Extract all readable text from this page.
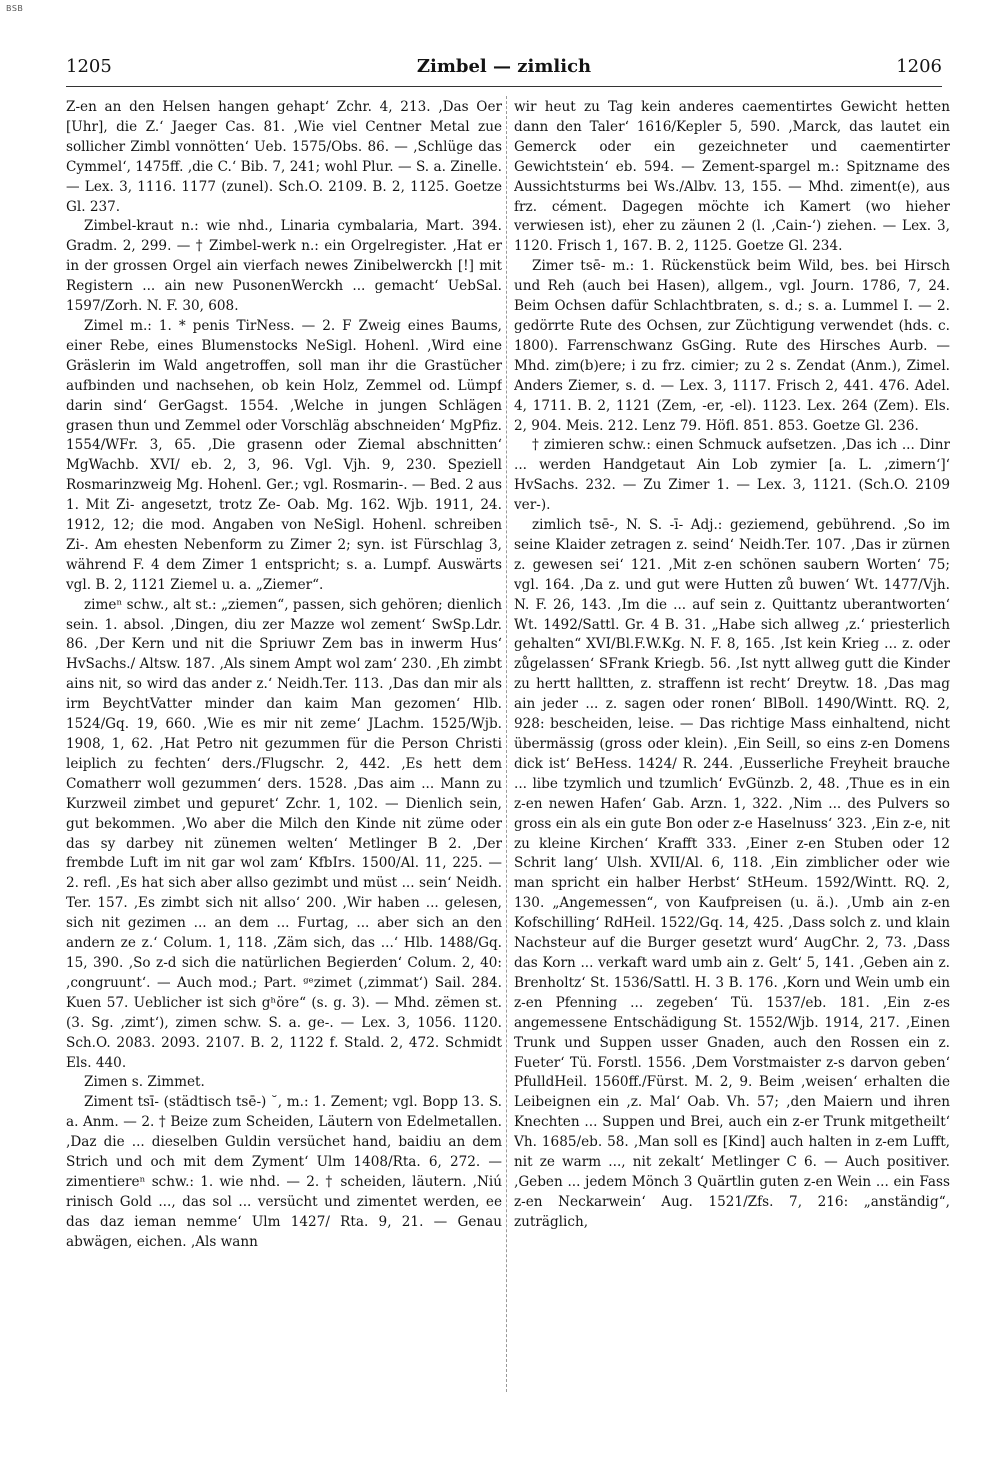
BSB
1205	Zimbel — zimlich	1206

Z-en an den Helsen hangen gehapt‘ Zchr. 4, 213. ‚Das Oer [Uhr], die Z.‘ Jaeger Cas. 81. ‚Wie viel Centner Metal zue sollicher Zimbl vonnötten‘ Ueb. 1575/Obs. 86. — ‚Schlüge das Cymmel‘, 1475ff. ‚die C.‘ Bib. 7, 241; wohl Plur. — S. a. Zinelle. — Lex. 3, 1116. 1177 (zunel). Sch.O. 2109. B. 2, 1125. Goetze Gl. 237.

Zimbel-kraut n.: wie nhd., Linaria cymbalaria, Mart. 394. Gradm. 2, 299. — † Zimbel-werk n.: ein Orgelregister. ‚Hat er in der grossen Orgel ain vierfach newes Zinibelwerckh [!] mit Registern ... ain new PusonenWerckh ... gemacht‘ UebSal. 1597/Zorh. N. F. 30, 608.

Zimel m.: 1. * penis TirNess. — 2. F Zweig eines Baums, einer Rebe, eines Blumenstocks NeSigl. Hohenl. ‚Wird eine Gräslerin im Wald angetroffen, soll man ihr die Grastücher aufbinden und nachsehen, ob kein Holz, Zemmel od. Lümpf darin sind‘ GerGagst. 1554. ‚Welche in jungen Schlägen grasen thun und Zemmel oder Vorschläg abschneiden‘ MgPfiz. 1554/WFr. 3, 65. ‚Die grasenn oder Ziemal abschnitten‘ MgWachb. XVI/ eb. 2, 3, 96. Vgl. Vjh. 9, 230. Speziell Rosmarinzweig Mg. Hohenl. Ger.; vgl. Rosmarin-. — Bed. 2 aus 1. Mit Zi- angesetzt, trotz Ze- Oab. Mg. 162. Wjb. 1911, 24. 1912, 12; die mod. Angaben von NeSigl. Hohenl. schreiben Zi-. Am ehesten Nebenform zu Zimer 2; syn. ist Fürschlag 3, während F. 4 dem Zimer 1 entspricht; s. a. Lumpf. Auswärts vgl. B. 2, 1121 Ziemel u. a. „Ziemer“.

zimeⁿ schw., alt st.: „ziemen“, passen, sich gehören; dienlich sein. 1. absol. ‚Dingen, diu zer Mazze wol zement‘ SwSp.Ldr. 86. ‚Der Kern und nit die Spriuwr Zem bas in inwerm Hus‘ HvSachs./ Altsw. 187. ‚Als sinem Ampt wol zam‘ 230. ‚Eh zimbt ains nit, so wird das ander z.‘ Neidh.Ter. 113. ‚Das dan mir als irm BeychtVatter minder dan kaim Man gezomen‘ Hlb. 1524/Gq. 19, 660. ‚Wie es mir nit zeme‘ JLachm. 1525/Wjb. 1908, 1, 62. ‚Hat Petro nit gezummen für die Person Christi leiplich zu fechten‘ ders./Flugschr. 2, 442. ‚Es hett dem Comatherr woll gezummen‘ ders. 1528. ‚Das aim ... Mann zu Kurzweil zimbet und gepuret‘ Zchr. 1, 102. — Dienlich sein, gut bekommen. ‚Wo aber die Milch den Kinde nit züme oder das sy darbey nit zünemen welten‘ Metlinger B 2. ‚Der frembde Luft im nit gar wol zam‘ KfbIrs. 1500/Al. 11, 225. — 2. refl. ‚Es hat sich aber allso gezimbt und müst ... sein‘ Neidh. Ter. 157. ‚Es zimbt sich nit allso‘ 200. ‚Wir haben ... gelesen, sich nit gezimen ... an dem ... Furtag, ... aber sich an den andern ze z.‘ Colum. 1, 118. ‚Zäm sich, das ...‘ Hlb. 1488/Gq. 15, 390. ‚So z-d sich die natürlichen Begierden‘ Colum. 2, 40: ‚congruunt‘. — Auch mod.; Part. ᵍᵉzimet (‚zimmat‘) Sail. 284. Kuen 57. Ueblicher ist sich gʰöre“ (s. g. 3). — Mhd. zëmen st. (3. Sg. ‚zimt‘), zimen schw. S. a. ge-. — Lex. 3, 1056. 1120. Sch.O. 2083. 2093. 2107. B. 2, 1122 f. Stald. 2, 472. Schmidt Els. 440.

Zimen s. Zimmet.

Ziment tsī- (städtisch tsē-) ˘, m.: 1. Zement; vgl. Bopp 13. S. a. Anm. — 2. † Beize zum Scheiden, Läutern von Edelmetallen. ‚Daz die ... dieselben Guldin versüchet hand, baidiu an dem Strich und och mit dem Zyment‘ Ulm 1408/Rta. 6, 272. — zimentiereⁿ schw.: 1. wie nhd. — 2. † scheiden, läutern. ‚Niú rinisch Gold ..., das sol ... versücht und zimentet werden, ee das daz ieman nemme‘ Ulm 1427/ Rta. 9, 21. — Genau abwägen, eichen. ‚Als wann

wir heut zu Tag kein anderes caementirtes Gewicht hetten dann den Taler‘ 1616/Kepler 5, 590. ‚Marck, das lautet ein Gemerck oder ein gezeichneter und caementirter Gewichtstein‘ eb. 594. — Zement-spargel m.: Spitzname des Aussichtsturms bei Ws./Albv. 13, 155. — Mhd. ziment(e), aus frz. cément. Dagegen möchte ich Kamert (wo hieher verwiesen ist), eher zu zäunen 2 (l. ‚Cain-‘) ziehen. — Lex. 3, 1120. Frisch 1, 167. B. 2, 1125. Goetze Gl. 234.

Zimer tsē- m.: 1. Rückenstück beim Wild, bes. bei Hirsch und Reh (auch bei Hasen), allgem., vgl. Journ. 1786, 7, 24. Beim Ochsen dafür Schlachtbraten, s. d.; s. a. Lummel I. — 2. gedörrte Rute des Ochsen, zur Züchtigung verwendet (hds. c. 1800). Farrenschwanz GsGing. Rute des Hirsches Aurb. — Mhd. zim(b)ere; i zu frz. cimier; zu 2 s. Zendat (Anm.), Zimel. Anders Ziemer, s. d. — Lex. 3, 1117. Frisch 2, 441. 476. Adel. 4, 1711. B. 2, 1121 (Zem, -er, -el). 1123. Lex. 264 (Zem). Els. 2, 904. Meis. 212. Lenz 79. Höfl. 851. 853. Goetze Gl. 236.

† zimieren schw.: einen Schmuck aufsetzen. ‚Das ich ... Dinr ... werden Handgetaut Ain Lob zymier [a. L. ‚zimern‘]‘ HvSachs. 232. — Zu Zimer 1. — Lex. 3, 1121. (Sch.O. 2109 ver-).

zimlich tsē-, N. S. -ī- Adj.: geziemend, gebührend. ‚So im seine Klaider zetragen z. seind‘ Neidh.Ter. 107. ‚Das ir zürnen z. gewesen sei‘ 121. ‚Mit z-en schönen saubern Worten‘ 75; vgl. 164. ‚Da z. und gut were Hutten zů buwen‘ Wt. 1477/Vjh. N. F. 26, 143. ‚Im die ... auf sein z. Quittantz uberantworten‘ Wt. 1492/Sattl. Gr. 4 B. 31. „Habe sich allweg ‚z.‘ priesterlich gehalten“ XVI/Bl.F.W.Kg. N. F. 8, 165. ‚Ist kein Krieg ... z. oder zůgelassen‘ SFrank Kriegb. 56. ‚Ist nytt allweg gutt die Kinder zu hertt halltten, z. straffenn ist recht‘ Dreytw. 18. ‚Das mag ain jeder ... z. sagen oder ronen‘ BlBoll. 1490/Wintt. RQ. 2, 928: bescheiden, leise. — Das richtige Mass einhaltend, nicht übermässig (gross oder klein). ‚Ein Seill, so eins z-en Domens dick ist‘ BeHess. 1424/ R. 244. ‚Eusserliche Freyheit brauche ... libe tzymlich und tzumlich‘ EvGünzb. 2, 48. ‚Thue es in ein z-en newen Hafen‘ Gab. Arzn. 1, 322. ‚Nim ... des Pulvers so gross ein als ein gute Bon oder z-e Haselnuss‘ 323. ‚Ein z-e, nit zu kleine Kirchen‘ Krafft 333. ‚Einer z-en Stuben oder 12 Schrit lang‘ Ulsh. XVII/Al. 6, 118. ‚Ein zimblicher oder wie man spricht ein halber Herbst‘ StHeum. 1592/Wintt. RQ. 2, 130. „Angemessen“, von Kaufpreisen (u. ä.). ‚Umb ain z-en Kofschilling‘ RdHeil. 1522/Gq. 14, 425. ‚Dass solch z. und klain Nachsteur auf die Burger gesetzt wurd‘ AugChr. 2, 73. ‚Dass das Korn ... verkaft ward umb ain z. Gelt‘ 5, 141. ‚Geben ain z. Brenholtz‘ St. 1536/Sattl. H. 3 B. 176. ‚Korn und Wein umb ein z-en Pfenning ... zegeben‘ Tü. 1537/eb. 181. ‚Ein z-es angemessene Entschädigung St. 1552/Wjb. 1914, 217. ‚Einen Trunk und Suppen usser Gnaden, auch den Rossen ein z. Fueter‘ Tü. Forstl. 1556. ‚Dem Vorstmaister z-s darvon geben‘ PfulldHeil. 1560ff./Fürst. M. 2, 9. Beim ‚weisen‘ erhalten die Leibeignen ein ‚z. Mal‘ Oab. Vh. 57; ‚den Maiern und ihren Knechten ... Suppen und Brei, auch ein z-er Trunk mitgetheilt‘ Vh. 1685/eb. 58. ‚Man soll es [Kind] auch halten in z-em Lufft, nit ze warm ..., nit zekalt‘ Metlinger C 6. — Auch positiver. ‚Geben ... jedem Mönch 3 Quärtlin guten z-en Wein ... ein Fass z-en Neckarwein‘ Aug. 1521/Zfs. 7, 216: „anständig“, zuträglich,
